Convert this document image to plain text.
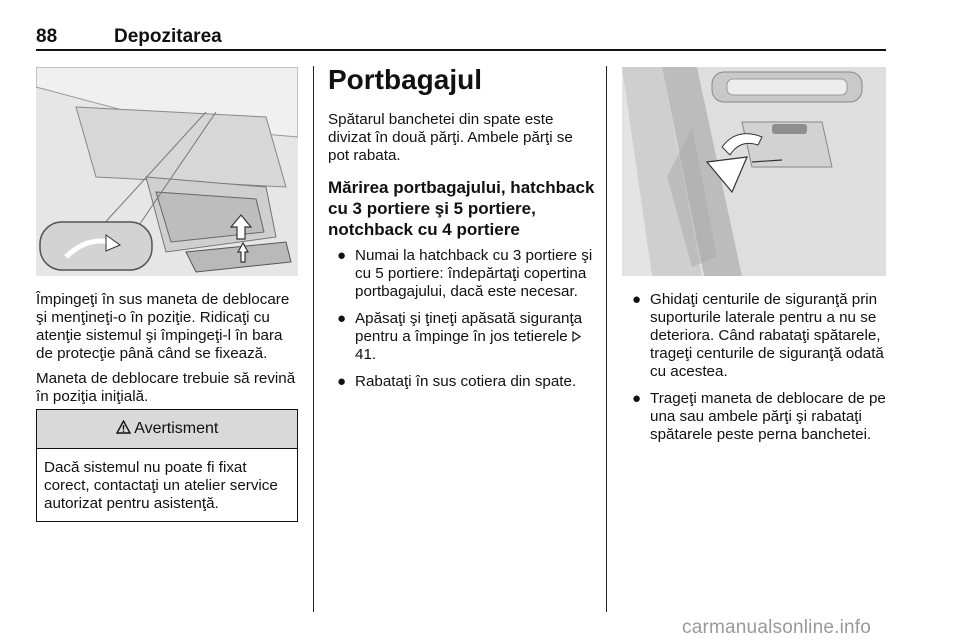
88	Depozitarea

Împingeţi în sus maneta de deblocare şi menţineţi-o în poziţie. Ridicaţi cu atenţie sistemul şi împingeţi-l în bara de protecţie până când se fixează.

Maneta de deblocare trebuie să revină în poziţia iniţială.

Avertisment
Dacă sistemul nu poate fi fixat corect, contactaţi un atelier service autorizat pentru asistenţă.
Portbagajul

Spătarul banchetei din spate este divizat în două părţi. Ambele părţi se pot rabata.

Mărirea portbagajului, hatchback cu 3 portiere şi 5 portiere, notchback cu 4 portiere
● Numai la hatchback cu 3 portiere şi cu 5 portiere: îndepărtaţi copertina portbagajului, dacă este necesar.
● Apăsaţi şi ţineţi apăsată siguranţa pentru a împinge în jos tetierele  41.
● Rabataţi în sus cotiera din spate.
● Ghidaţi centurile de siguranţă prin suporturile laterale pentru a nu se deteriora. Când rabataţi spătarele, trageţi centurile de siguranţă odată cu acestea.
● Trageţi maneta de deblocare de pe una sau ambele părţi şi rabataţi spătarele peste perna banchetei.
carmanualsonline.info
